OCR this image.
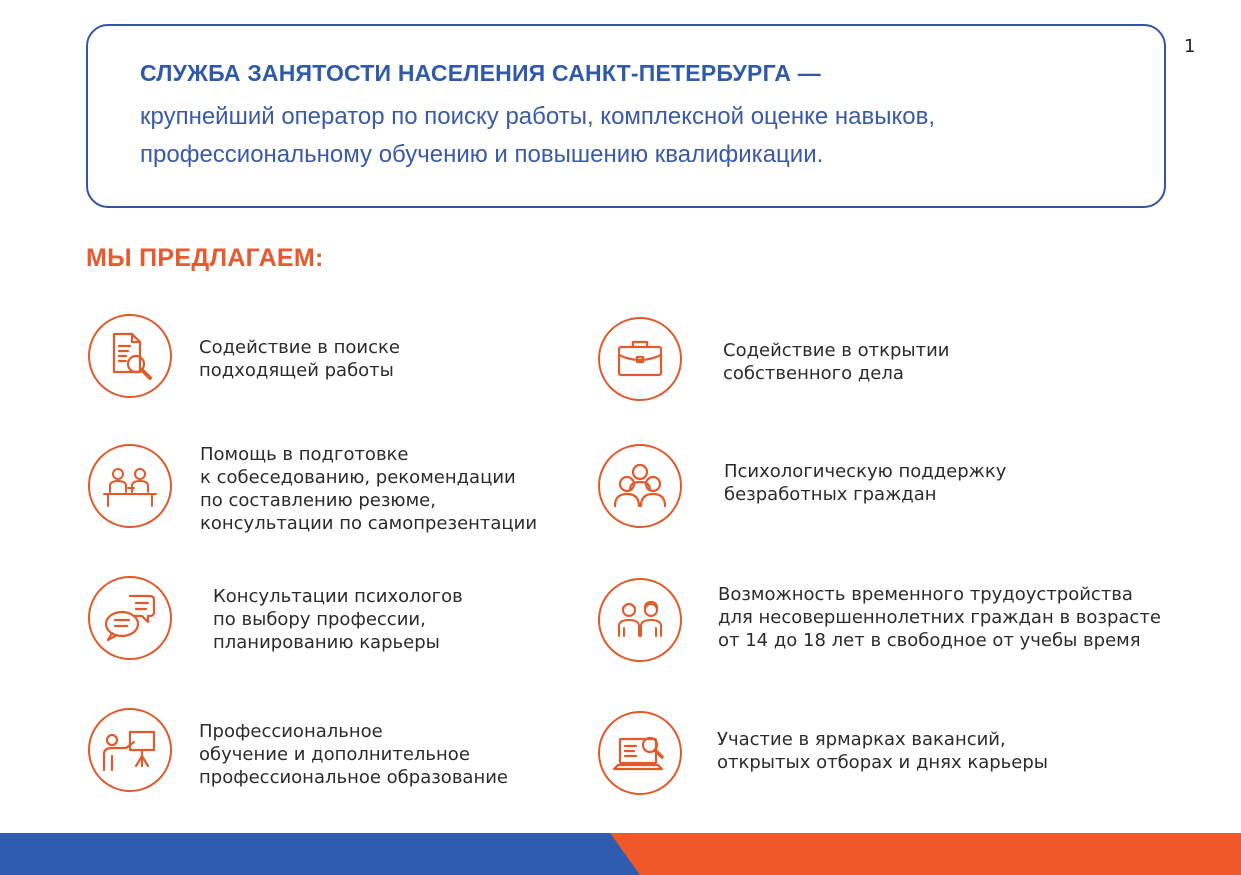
1
СЛУЖБА ЗАНЯТОСТИ НАСЕЛЕНИЯ САНКТ-ПЕТЕРБУРГА —
крупнейший оператор по поиску работы, комплексной оценке навыков,
профессиональному обучению и повышению квалификации.
МЫ ПРЕДЛАГАЕМ:
Содействие в поиске
подходящей работы
Содействие в открытии
собственного дела
Помощь в подготовке
к собеседованию, рекомендации
по составлению резюме,
консультации по самопрезентации
Психологическую поддержку
безработных граждан
Консультации психологов
по выбору профессии,
планированию карьеры
Возможность временного трудоустройства
для несовершеннолетних граждан в возрасте
от 14 до 18 лет в свободное от учебы время
Профессиональное
обучение и дополнительное
профессиональное образование
Участие в ярмарках вакансий,
открытых отборах и днях карьеры
